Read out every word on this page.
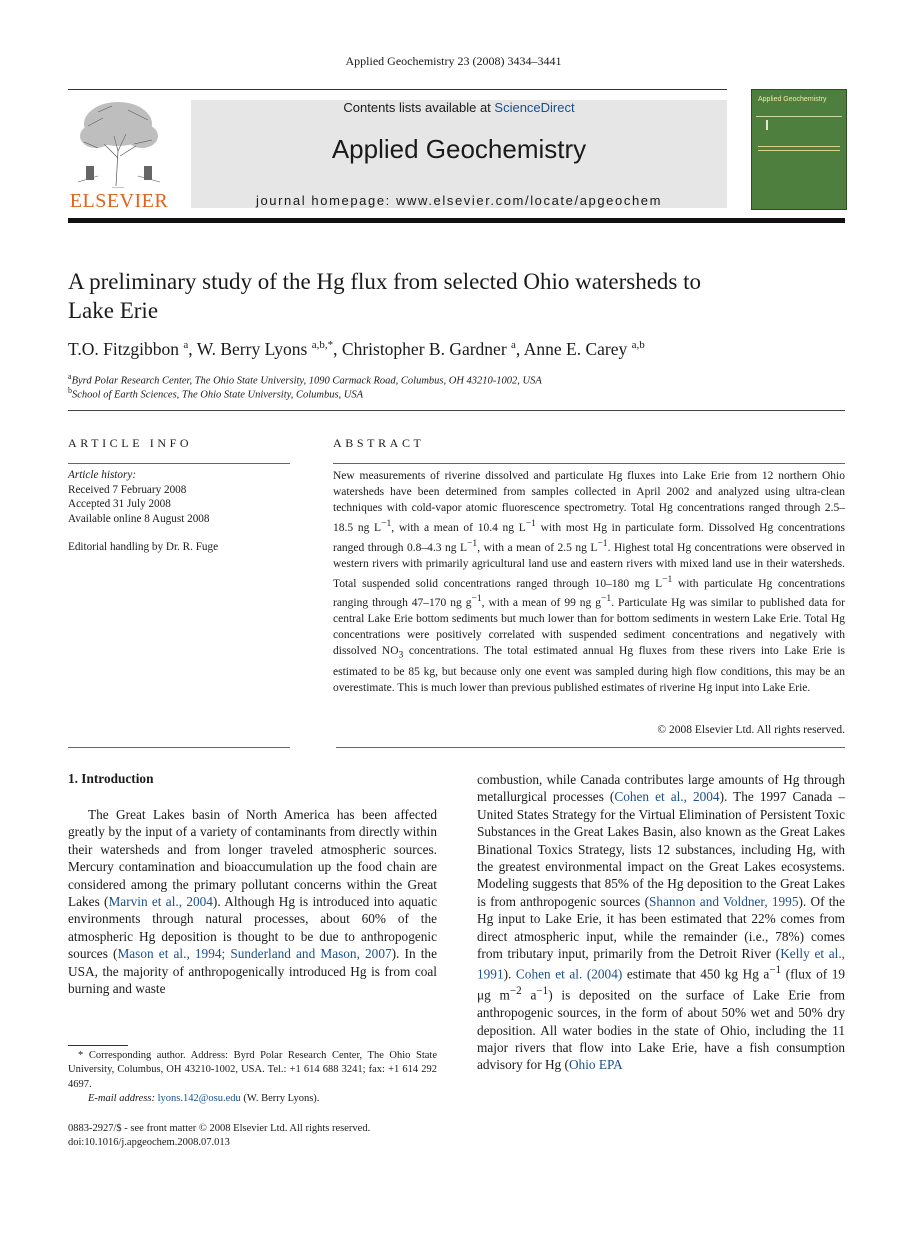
Applied Geochemistry 23 (2008) 3434–3441
ELSEVIER
Contents lists available at ScienceDirect
Applied Geochemistry
journal homepage: www.elsevier.com/locate/apgeochem
Applied Geochemistry
A preliminary study of the Hg flux from selected Ohio watersheds to
Lake Erie
T.O. Fitzgibbon $^a$, W. Berry Lyons $^{a,b,*}$, Christopher B. Gardner $^a$, Anne E. Carey $^{a,b}$
$^a$Byrd Polar Research Center, The Ohio State University, 1090 Carmack Road, Columbus, OH 43210-1002, USA
$^b$School of Earth Sciences, The Ohio State University, Columbus, USA
ARTICLE INFO
Article history:
Received 7 February 2008
Accepted 31 July 2008
Available online 8 August 2008
Editorial handling by Dr. R. Fuge
ABSTRACT
New measurements of riverine dissolved and particulate Hg fluxes into Lake Erie from 12 northern Ohio watersheds have been determined from samples collected in April 2002 and analyzed using ultra-clean techniques with cold-vapor atomic fluorescence spectrometry. Total Hg concentrations ranged through 2.5–18.5 ng $L^{-1}$, with a mean of 10.4 ng $L^{-1}$ with most Hg in particulate form. Dissolved Hg concentrations ranged through 0.8–4.3 ng $L^{-1}$, with a mean of 2.5 ng $L^{-1}$. Highest total Hg concentrations were observed in western rivers with primarily agricultural land use and eastern rivers with mixed land use in their watersheds. Total suspended solid concentrations ranged through 10–180 mg $L^{-1}$ with particulate Hg concentrations ranging through 47–170 ng $g^{-1}$, with a mean of 99 ng $g^{-1}$. Particulate Hg was similar to published data for central Lake Erie bottom sediments but much lower than for bottom sediments in western Lake Erie. Total Hg concentrations were positively correlated with suspended sediment concentrations and negatively with dissolved $NO_3$ concentrations. The total estimated annual Hg fluxes from these rivers into Lake Erie is estimated to be 85 kg, but because only one event was sampled during high flow conditions, this may be an overestimate. This is much lower than previous published estimates of riverine Hg input into Lake Erie.
© 2008 Elsevier Ltd. All rights reserved.
1. Introduction
The Great Lakes basin of North America has been affected greatly by the input of a variety of contaminants from directly within their watersheds and from longer traveled atmospheric sources. Mercury contamination and bioaccumulation up the food chain are considered among the primary pollutant concerns within the Great Lakes (Marvin et al., 2004). Although Hg is introduced into aquatic environments through natural processes, about 60% of the atmospheric Hg deposition is thought to be due to anthropogenic sources (Mason et al., 1994; Sunderland and Mason, 2007). In the USA, the majority of anthropogenically introduced Hg is from coal burning and waste
combustion, while Canada contributes large amounts of Hg through metallurgical processes (Cohen et al., 2004). The 1997 Canada – United States Strategy for the Virtual Elimination of Persistent Toxic Substances in the Great Lakes Basin, also known as the Great Lakes Binational Toxics Strategy, lists 12 substances, including Hg, with the greatest environmental impact on the Great Lakes ecosystems. Modeling suggests that 85% of the Hg deposition to the Great Lakes is from anthropogenic sources (Shannon and Voldner, 1995). Of the Hg input to Lake Erie, it has been estimated that 22% comes from direct atmospheric input, while the remainder (i.e., 78%) comes from tributary input, primarily from the Detroit River (Kelly et al., 1991). Cohen et al. (2004) estimate that 450 kg Hg $a^{-1}$ (flux of 19 μg $m^{-2}$ $a^{-1}$) is deposited on the surface of Lake Erie from anthropogenic sources, in the form of about 50% wet and 50% dry deposition. All water bodies in the state of Ohio, including the 11 major rivers that flow into Lake Erie, have a fish consumption advisory for Hg (Ohio EPA
* Corresponding author. Address: Byrd Polar Research Center, The Ohio State University, Columbus, OH 43210-1002, USA. Tel.: +1 614 688 3241; fax: +1 614 292 4697.
E-mail address: lyons.142@osu.edu (W. Berry Lyons).
0883-2927/$ - see front matter © 2008 Elsevier Ltd. All rights reserved.
doi:10.1016/j.apgeochem.2008.07.013
